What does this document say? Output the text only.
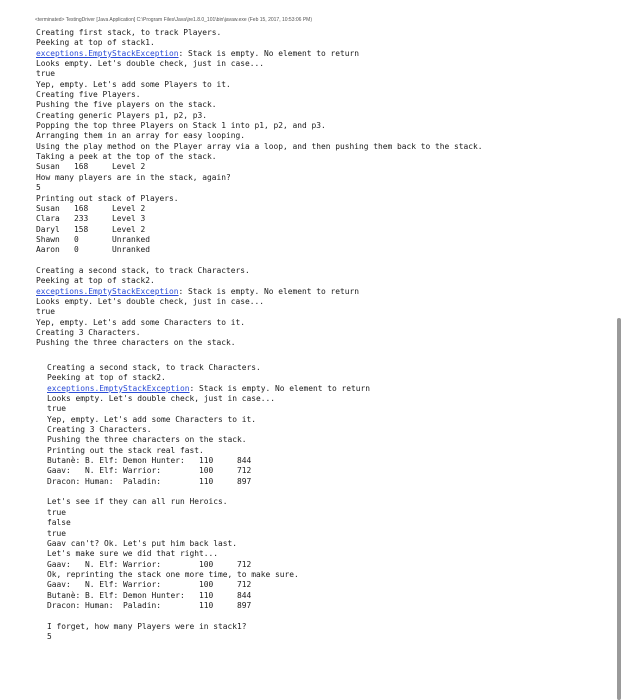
<terminated> TestingDriver [Java Application] C:\Program Files\Java\jre1.8.0_101\bin\javaw.exe (Feb 15, 2017, 10:53:06 PM)
Creating first stack, to track Players.
Peeking at top of stack1.
exceptions.EmptyStackException: Stack is empty. No element to return
Looks empty. Let's double check, just in case...
true
Yep, empty. Let's add some Players to it.
Creating five Players.
Pushing the five players on the stack.
Creating generic Players p1, p2, p3.
Popping the top three Players on Stack 1 into p1, p2, and p3.
Arranging them in an array for easy looping.
Using the play method on the Player array via a loop, and then pushing them back to the stack.
Taking a peek at the top of the stack.
Susan   168     Level 2
How many players are in the stack, again?
5
Printing out stack of Players.
Susan   168     Level 2
Clara   233     Level 3
Daryl   158     Level 2
Shawn   0       Unranked
Aaron   0       Unranked
Creating a second stack, to track Characters.
Peeking at top of stack2.
exceptions.EmptyStackException: Stack is empty. No element to return
Looks empty. Let's double check, just in case...
true
Yep, empty. Let's add some Characters to it.
Creating 3 Characters.
Pushing the three characters on the stack.
Creating a second stack, to track Characters.
Peeking at top of stack2.
exceptions.EmptyStackException: Stack is empty. No element to return
Looks empty. Let's double check, just in case...
true
Yep, empty. Let's add some Characters to it.
Creating 3 Characters.
Pushing the three characters on the stack.
Printing out the stack real fast.
Butanè: B. Elf: Demon Hunter:   110     844
Gaav:   N. Elf: Warrior:        100     712
Dracon: Human:  Paladin:        110     897
Let's see if they can all run Heroics.
true
false
true
Gaav can't? Ok. Let's put him back last.
Let's make sure we did that right...
Gaav:   N. Elf: Warrior:        100     712
Ok, reprinting the stack one more time, to make sure.
Gaav:   N. Elf: Warrior:        100     712
Butanè: B. Elf: Demon Hunter:   110     844
Dracon: Human:  Paladin:        110     897
I forget, how many Players were in stack1?
5
